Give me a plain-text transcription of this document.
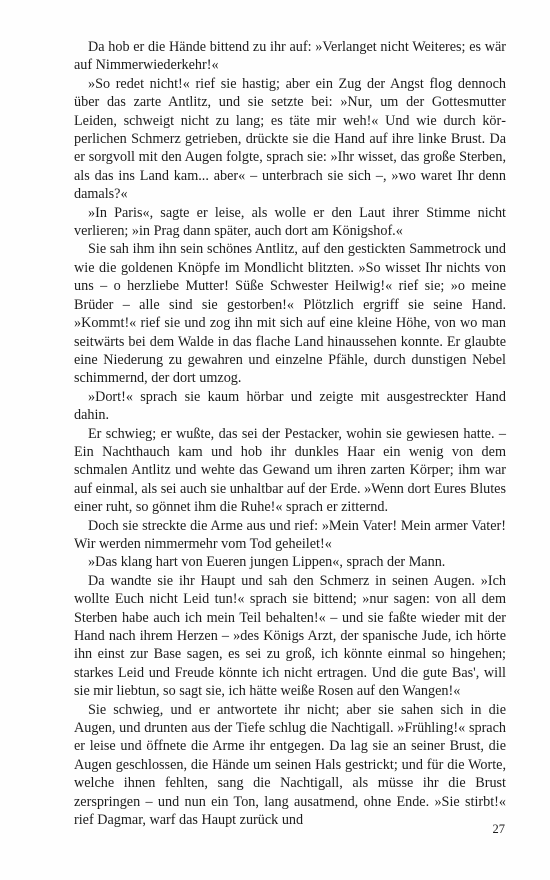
Da hob er die Hände bittend zu ihr auf: »Verlanget nicht Weiteres; es wär auf Nimmerwiederkehr!«

»So redet nicht!« rief sie hastig; aber ein Zug der Angst flog dennoch über das zarte Antlitz, und sie setzte bei: »Nur, um der Gottesmutter Leiden, schweigt nicht zu lang; es täte mir weh!« Und wie durch körperlichen Schmerz getrieben, drückte sie die Hand auf ihre linke Brust. Da er sorgvoll mit den Augen folgte, sprach sie: »Ihr wisset, das große Sterben, als das ins Land kam... aber« – unterbrach sie sich –, »wo waret Ihr denn damals?«

»In Paris«, sagte er leise, als wolle er den Laut ihrer Stimme nicht verlieren; »in Prag dann später, auch dort am Königshof.«

Sie sah ihm ihn sein schönes Antlitz, auf den gestickten Sammetrock und wie die goldenen Knöpfe im Mondlicht blitzten. »So wisset Ihr nichts von uns – o herzliebe Mutter! Süße Schwester Heilwig!« rief sie; »o meine Brüder – alle sind sie gestorben!« Plötzlich ergriff sie seine Hand. »Kommt!« rief sie und zog ihn mit sich auf eine kleine Höhe, von wo man seitwärts bei dem Walde in das flache Land hinaussehen konnte. Er glaubte eine Niederung zu gewahren und einzelne Pfähle, durch dunstigen Nebel schimmernd, der dort umzog.

»Dort!« sprach sie kaum hörbar und zeigte mit ausgestreckter Hand dahin.

Er schwieg; er wußte, das sei der Pestacker, wohin sie gewiesen hatte. – Ein Nachthauch kam und hob ihr dunkles Haar ein wenig von dem schmalen Antlitz und wehte das Gewand um ihren zarten Körper; ihm war auf einmal, als sei auch sie unhaltbar auf der Erde. »Wenn dort Eures Blutes einer ruht, so gönnet ihm die Ruhe!« sprach er zitternd.

Doch sie streckte die Arme aus und rief: »Mein Vater! Mein armer Vater! Wir werden nimmermehr vom Tod geheilet!«

»Das klang hart von Eueren jungen Lippen«, sprach der Mann.

Da wandte sie ihr Haupt und sah den Schmerz in seinen Augen. »Ich wollte Euch nicht Leid tun!« sprach sie bittend; »nur sagen: von all dem Sterben habe auch ich mein Teil behalten!« – und sie faßte wieder mit der Hand nach ihrem Herzen – »des Königs Arzt, der spanische Jude, ich hörte ihn einst zur Base sagen, es sei zu groß, ich könnte einmal so hingehen; starkes Leid und Freude könnte ich nicht ertragen. Und die gute Bas', will sie mir liebtun, so sagt sie, ich hätte weiße Rosen auf den Wangen!«

Sie schwieg, und er antwortete ihr nicht; aber sie sahen sich in die Augen, und drunten aus der Tiefe schlug die Nachtigall. »Frühling!« sprach er leise und öffnete die Arme ihr entgegen. Da lag sie an seiner Brust, die Augen geschlossen, die Hände um seinen Hals gestrickt; und für die Worte, welche ihnen fehlten, sang die Nachtigall, als müsse ihr die Brust zerspringen – und nun ein Ton, lang ausatmend, ohne Ende. »Sie stirbt!« rief Dagmar, warf das Haupt zurück und

27
